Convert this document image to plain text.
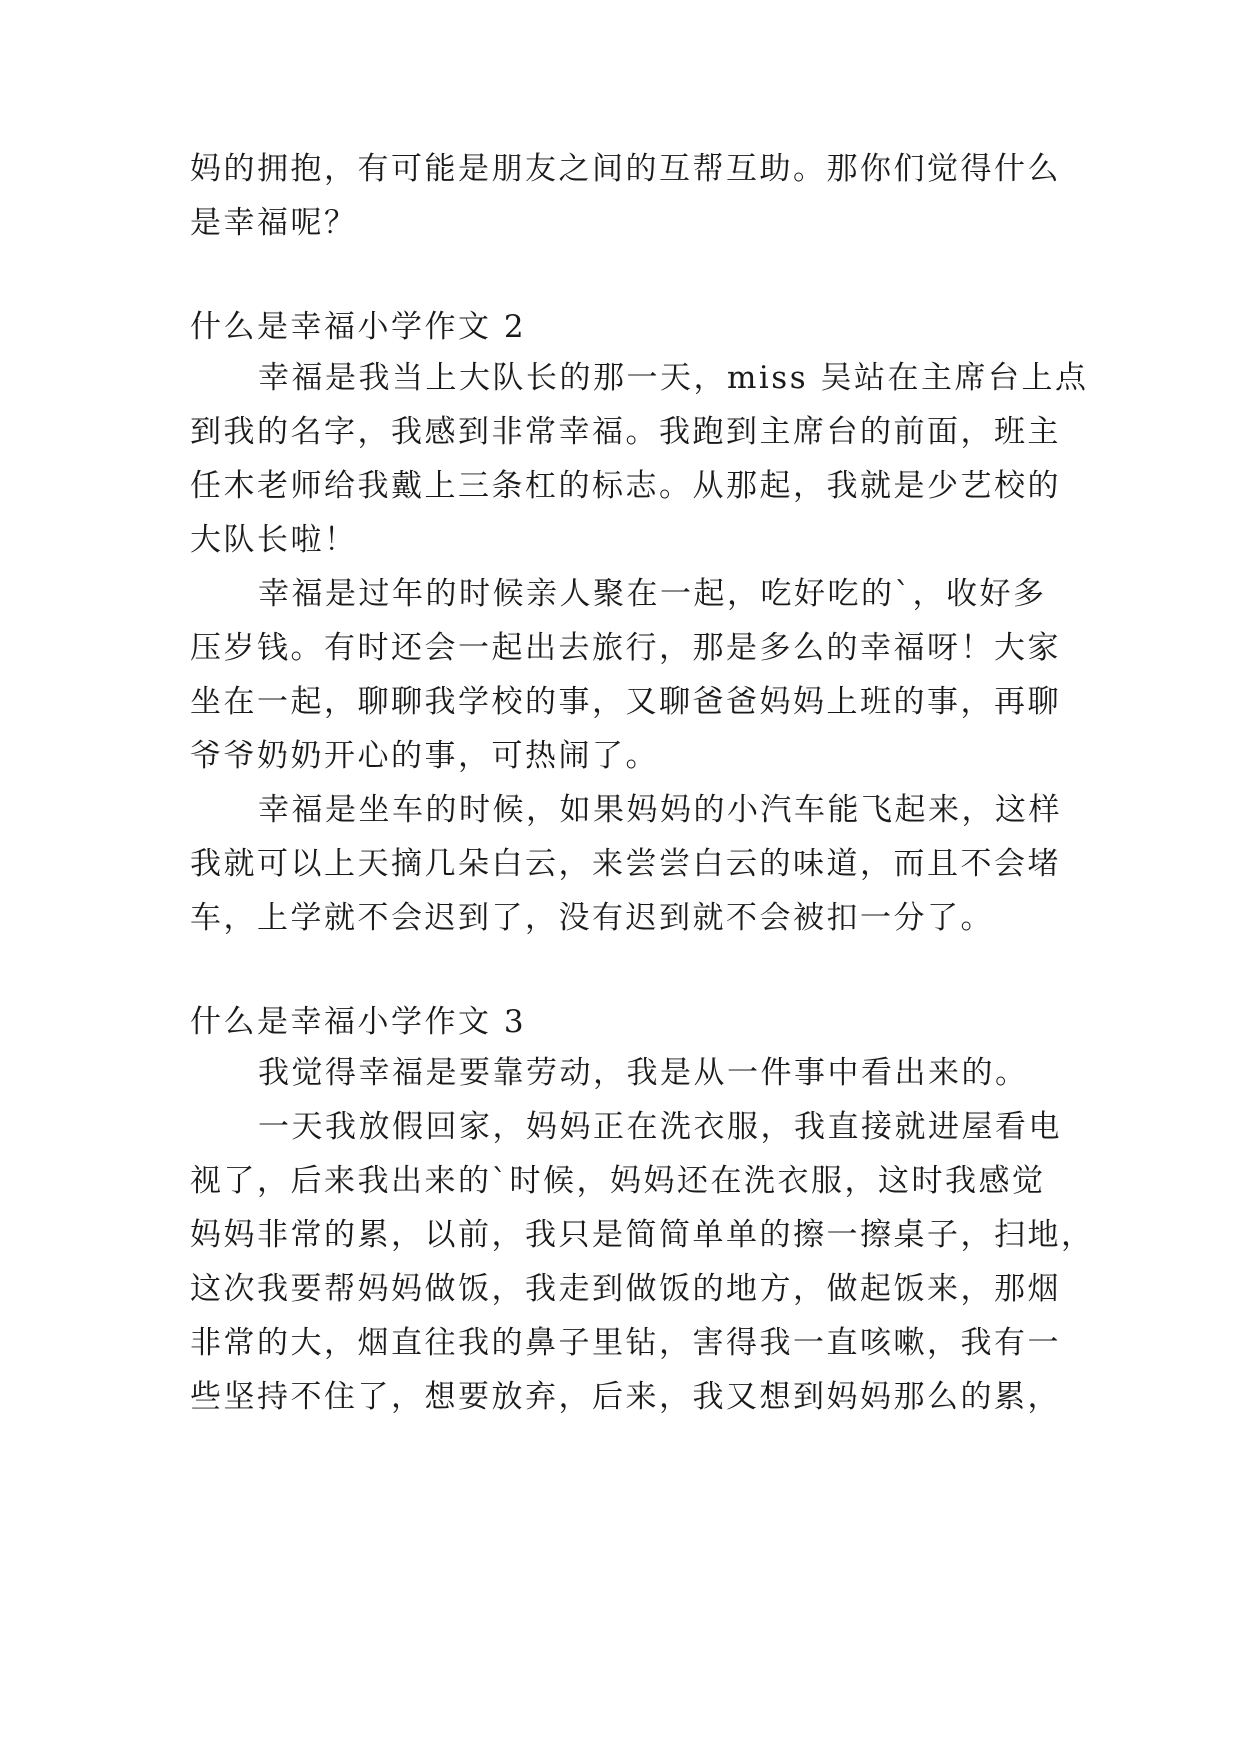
妈的拥抱，有可能是朋友之间的互帮互助。那你们觉得什么
是幸福呢？
什么是幸福小学作文 2
幸福是我当上大队长的那一天，miss 吴站在主席台上点
到我的名字，我感到非常幸福。我跑到主席台的前面，班主
任木老师给我戴上三条杠的标志。从那起，我就是少艺校的
大队长啦！
幸福是过年的时候亲人聚在一起，吃好吃的`，收好多
压岁钱。有时还会一起出去旅行，那是多么的幸福呀！大家
坐在一起，聊聊我学校的事，又聊爸爸妈妈上班的事，再聊
爷爷奶奶开心的事，可热闹了。
幸福是坐车的时候，如果妈妈的小汽车能飞起来，这样
我就可以上天摘几朵白云，来尝尝白云的味道，而且不会堵
车，上学就不会迟到了，没有迟到就不会被扣一分了。
什么是幸福小学作文 3
我觉得幸福是要靠劳动，我是从一件事中看出来的。
一天我放假回家，妈妈正在洗衣服，我直接就进屋看电
视了，后来我出来的`时候，妈妈还在洗衣服，这时我感觉
妈妈非常的累，以前，我只是简简单单的擦一擦桌子，扫地，
这次我要帮妈妈做饭，我走到做饭的地方，做起饭来，那烟
非常的大，烟直往我的鼻子里钻，害得我一直咳嗽，我有一
些坚持不住了，想要放弃，后来，我又想到妈妈那么的累，
